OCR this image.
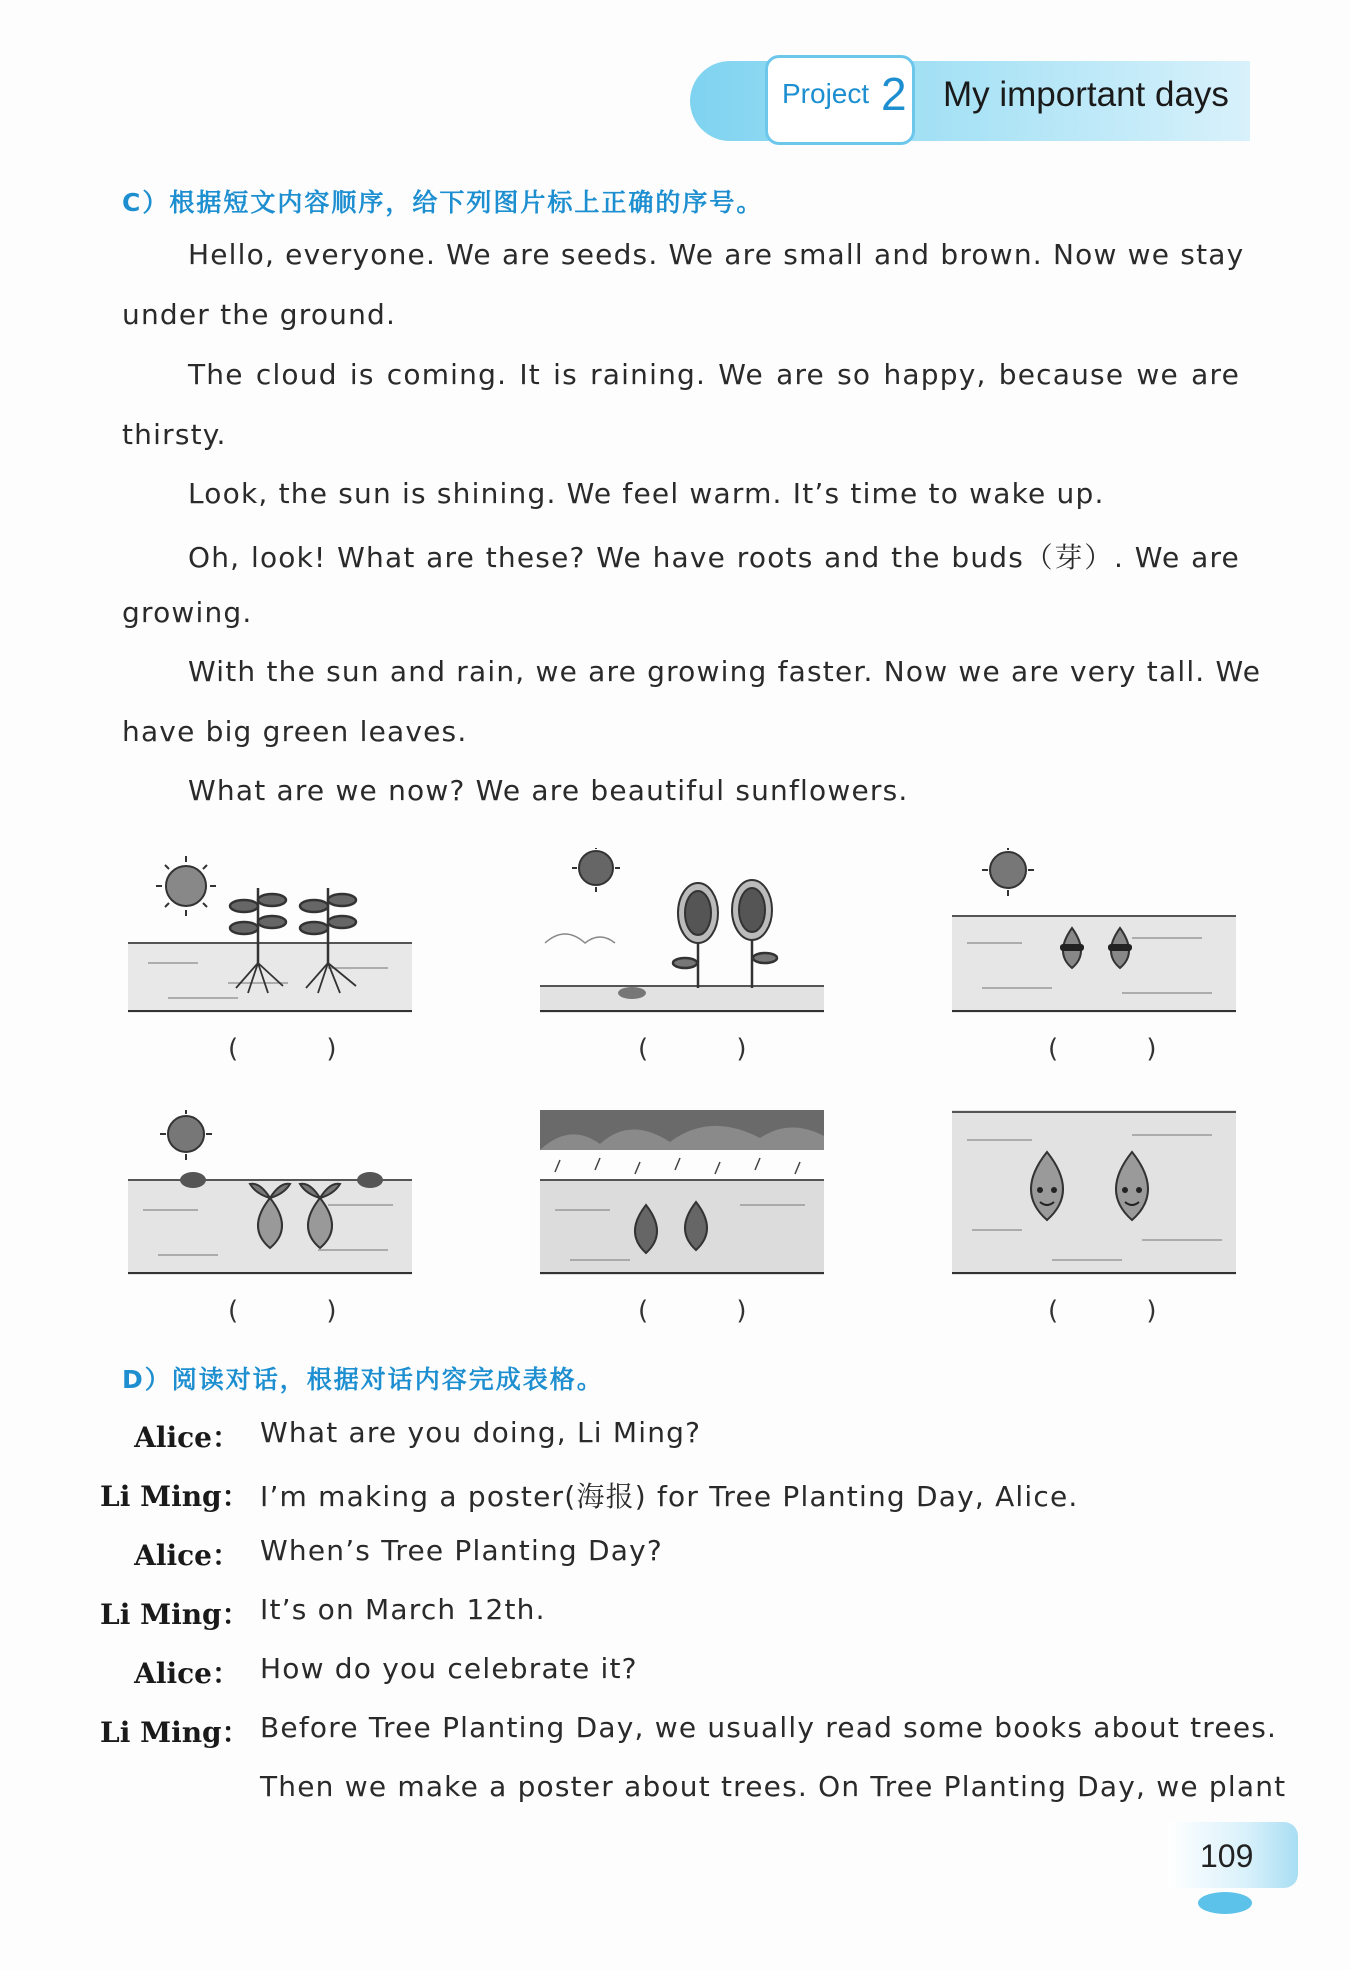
Project 2 My important days
C）根据短文内容顺序，给下列图片标上正确的序号。
Hello, everyone. We are seeds. We are small and brown. Now we stay
under the ground.
The cloud is coming. It is raining. We are so happy, because we are
thirsty.
Look, the sun is shining. We feel warm. It’s time to wake up.
Oh, look! What are these? We have roots and the buds（芽）. We are
growing.
With the sun and rain, we are growing faster. Now we are very tall. We
have big green leaves.
What are we now? We are beautiful sunflowers.
( )	( )	( )
( )	( )	( )
D）阅读对话，根据对话内容完成表格。
Alice： What are you doing, Li Ming?
Li Ming： I’m making a poster(海报) for Tree Planting Day, Alice.
Alice： When’s Tree Planting Day?
Li Ming： It’s on March 12th.
Alice： How do you celebrate it?
Li Ming： Before Tree Planting Day, we usually read some books about trees.
Then we make a poster about trees. On Tree Planting Day, we plant
109
